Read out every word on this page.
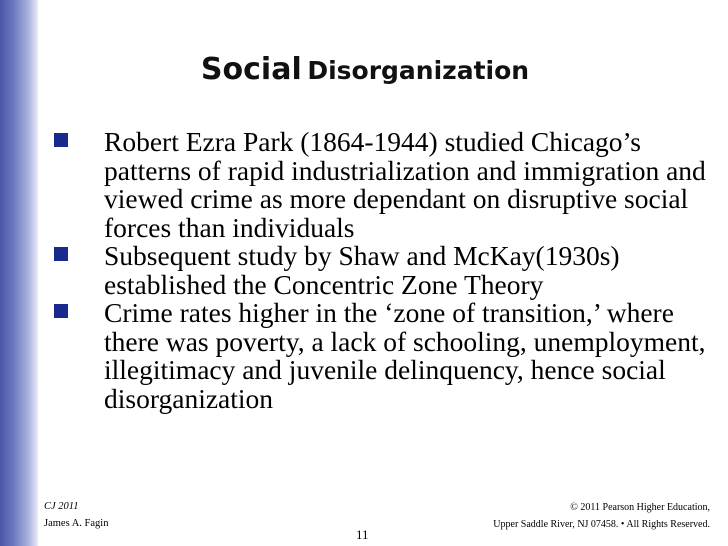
Social Disorganization
Robert Ezra Park (1864-1944) studied Chicago’s patterns of rapid industrialization and immigration and viewed crime as more dependant on disruptive social forces than individuals
Subsequent study by Shaw and McKay(1930s) established the Concentric Zone Theory
Crime rates higher in the ‘zone of transition,’ where there was poverty, a lack of schooling, unemployment, illegitimacy and juvenile delinquency, hence social disorganization
CJ 2011
James A. Fagin
11
© 2011 Pearson Higher Education,
Upper Saddle River, NJ 07458. • All Rights Reserved.
